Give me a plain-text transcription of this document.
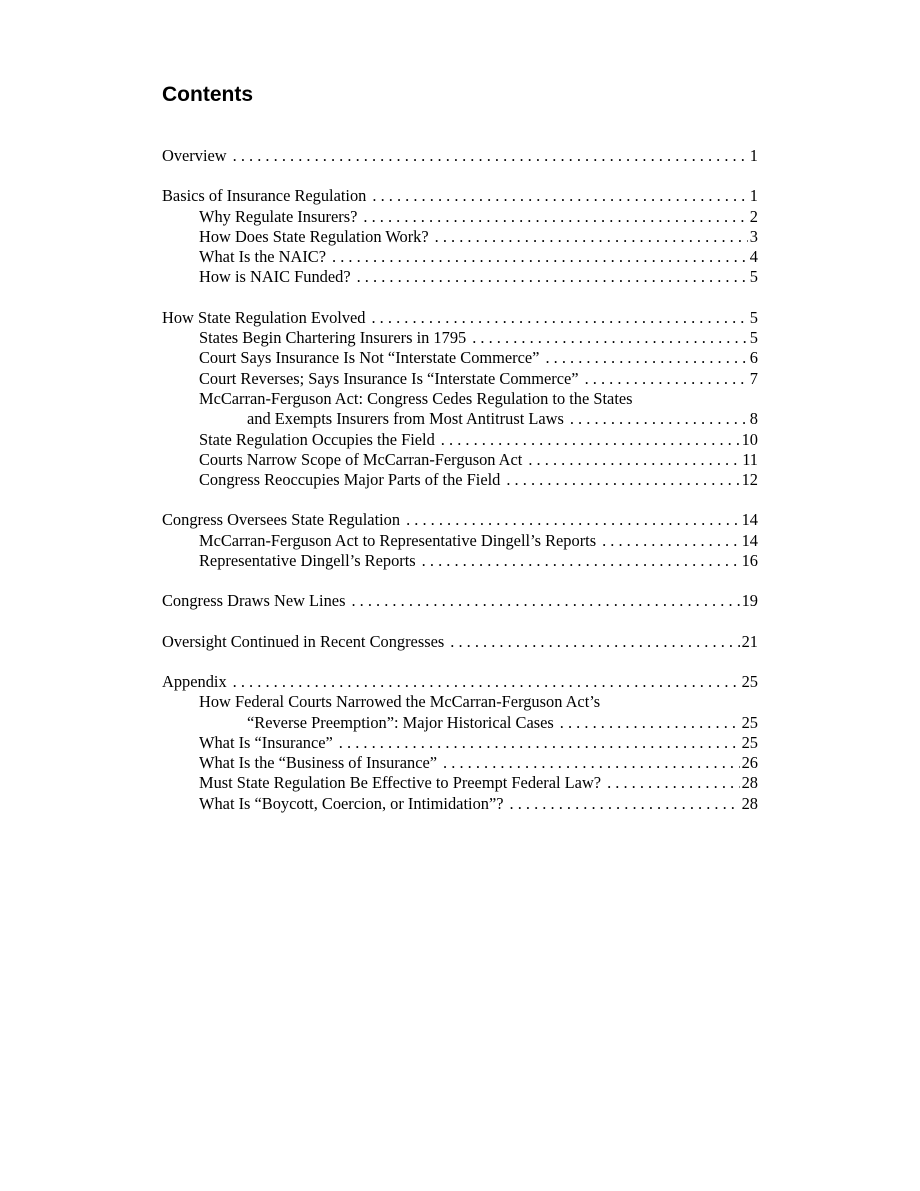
Contents
Overview . . .	1
Basics of Insurance Regulation . . .	1
Why Regulate Insurers? . . .	2
How Does State Regulation Work? . . .	3
What Is the NAIC? . . .	4
How is NAIC Funded? . . .	5
How State Regulation Evolved . . .	5
States Begin Chartering Insurers in 1795 . . .	5
Court Says Insurance Is Not “Interstate Commerce” . . .	6
Court Reverses; Says Insurance Is “Interstate Commerce” . . .	7
McCarran-Ferguson Act: Congress Cedes Regulation to the States
and Exempts Insurers from Most Antitrust Laws . . .	8
State Regulation Occupies the Field . . .	10
Courts Narrow Scope of McCarran-Ferguson Act . . .	11
Congress Reoccupies Major Parts of the Field . . .	12
Congress Oversees State Regulation . . .	14
McCarran-Ferguson Act to Representative Dingell’s Reports . . .	14
Representative Dingell’s Reports . . .	16
Congress Draws New Lines . . .	19
Oversight Continued in Recent Congresses . . .	21
Appendix . . .	25
How Federal Courts Narrowed the McCarran-Ferguson Act’s
“Reverse Preemption”: Major Historical Cases . . .	25
What Is “Insurance” . . .	25
What Is the “Business of Insurance” . . .	26
Must State Regulation Be Effective to Preempt Federal Law? . . .	28
What Is “Boycott, Coercion, or Intimidation”? . . .	28
